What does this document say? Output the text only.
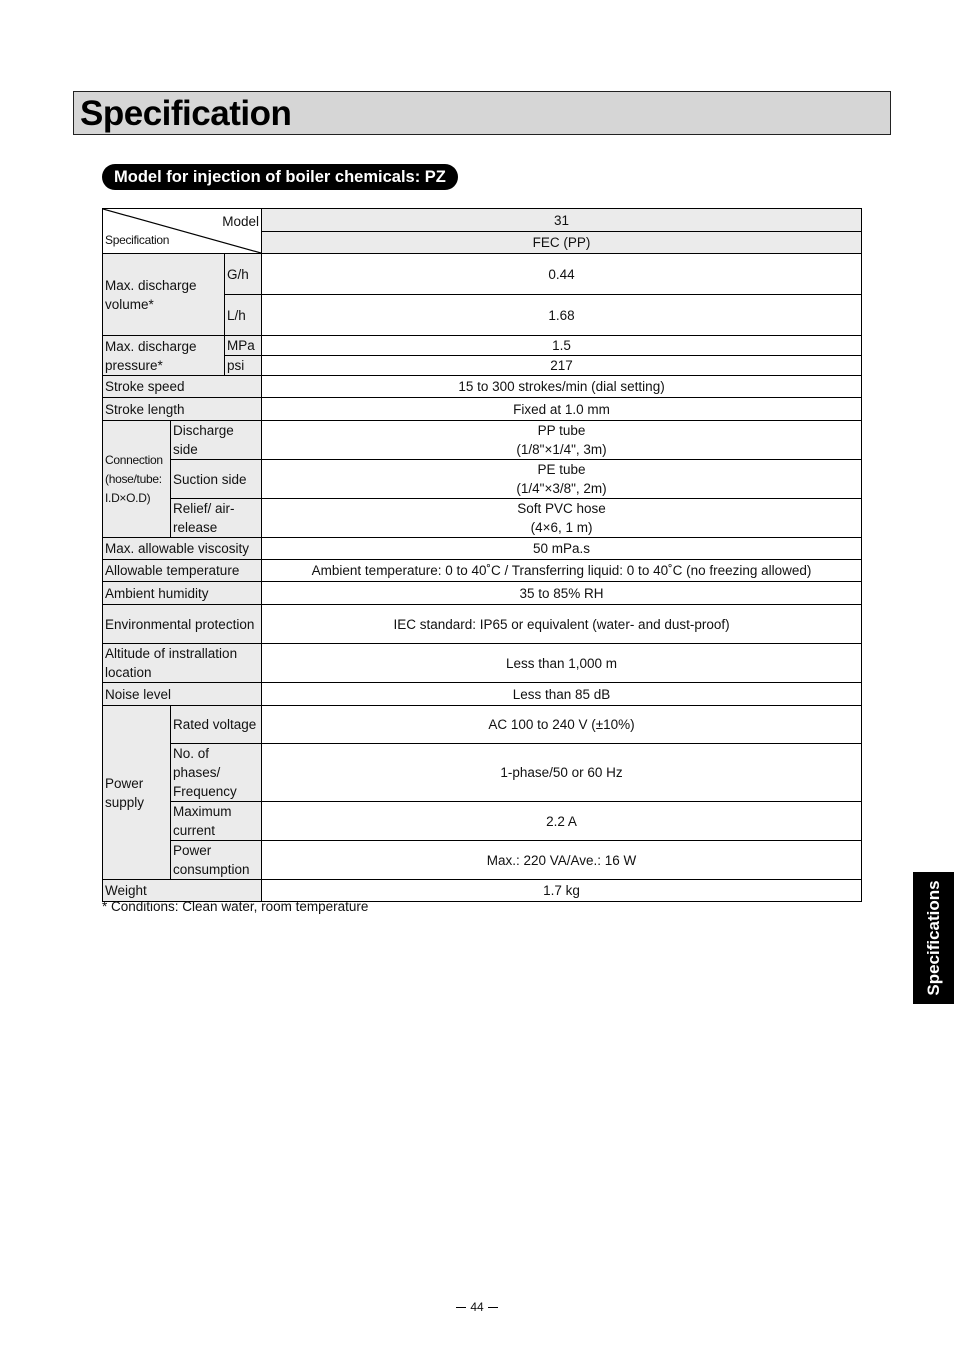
Specification
Model for injection of boiler chemicals: PZ
Model
Specification			31
			FEC (PP)
Max. discharge volume*		G/h	0.44
		L/h	1.68
Max. discharge pressure*		MPa	1.5
		psi	217
Stroke speed			15 to 300 strokes/min (dial setting)
Stroke length			Fixed at 1.0 mm
Connection (hose/tube: I.D×O.D)	Discharge side		PP tube
(1/8"×1/4", 3m)

	Suction side		PE tube
(1/4"×3/8", 2m)

	Relief/ air-release		Soft PVC hose
(4×6, 1 m)

Max. allowable viscosity			50 mPa.s
Allowable temperature			Ambient temperature: 0 to 40˚C / Transferring liquid: 0 to 40˚C (no freezing allowed)
Ambient humidity			35 to 85% RH
Environmental protection			IEC standard: IP65 or equivalent (water- and dust-proof)
Altitude of instrallation location			Less than 1,000 m
Noise level			Less than 85 dB
Power supply	Rated voltage		AC 100 to 240 V (±10%)
	No. of phases/ Frequency		1-phase/50 or 60 Hz
	Maximum current		2.2 A
	Power consumption		Max.: 220 VA/Ave.: 16 W
Weight			1.7 kg
* Conditions: Clean water, room temperature	Specifications
44
